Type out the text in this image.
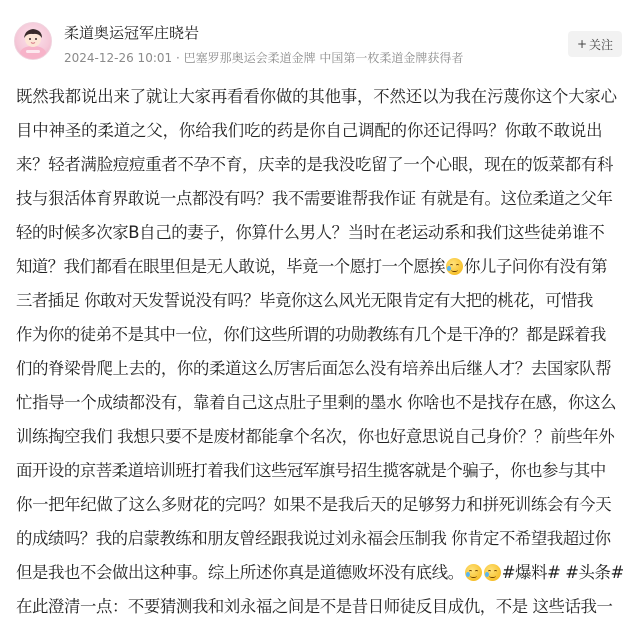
柔道奥运冠军庄晓岩
2024-12-26 10:01 · 巴塞罗那奥运会柔道金牌 中国第一枚柔道金牌获得者
+ 关注
既然我都说出来了就让大家再看看你做的其他事，不然还以为我在污蔑你这个大家心
目中神圣的柔道之父，你给我们吃的药是你自己调配的你还记得吗？你敢不敢说出
来？轻者满脸痘痘重者不孕不育，庆幸的是我没吃留了一个心眼，现在的饭菜都有科
技与狠活体育界敢说一点都没有吗？我不需要谁帮我作证 有就是有。这位柔道之父年
轻的时候多次家B自己的妻子，你算什么男人？当时在老运动系和我们这些徒弟谁不
知道？我们都看在眼里但是无人敢说，毕竟一个愿打一个愿挨 你儿子问你有没有第
三者插足 你敢对天发誓说没有吗？毕竟你这么风光无限肯定有大把的桃花，可惜我
作为你的徒弟不是其中一位，你们这些所谓的功勋教练有几个是干净的？都是踩着我
们的脊梁骨爬上去的，你的柔道这么厉害后面怎么没有培养出后继人才？去国家队帮
忙指导一个成绩都没有，靠着自己这点肚子里剩的墨水 你啥也不是找存在感，你这么
训练掏空我们 我想只要不是废材都能拿个名次，你也好意思说自己身价？？前些年外
面开设的京菩柔道培训班打着我们这些冠军旗号招生揽客就是个骗子，你也参与其中
你一把年纪做了这么多财花的完吗？如果不是我后天的足够努力和拼死训练会有今天
的成绩吗？我的启蒙教练和朋友曾经跟我说过刘永福会压制我 你肯定不希望我超过你
但是我也不会做出这种事。综上所述你真是道德败坏没有底线。 #爆料# #头条#
在此澄清一点：不要猜测我和刘永福之间是不是昔日师徒反目成仇，不是 这些话我一
